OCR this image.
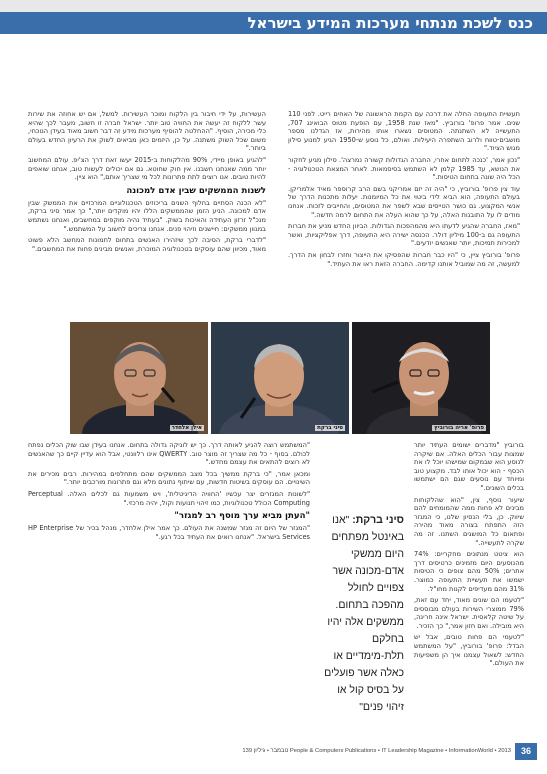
כנס לשכת מנתחי מערכות המידע בישראל

תעשיית התעופה החלה את דרכה עם הקמת הראשונה של האחים רייט. לפני 110 שנים. אמר פרופ' בורוביץ. "מאז שנת 1958, עם הופעת מטוס הבואינג 707, התעשייה לא השתנתה. המטוסים נשארו אותו מהירות, אז הגדלנו מספר מושבים-טווח ולרוב השתפרה היעילות. ואולם, כל נוסע ש-1950 הגיע למנוע סילון מגוש הציוד."

"נכון אמר, 'כנכה לתחום אחרי, החברה הגדולות קשורה נמרצה'. סילון מגיע לחקור את הנושא, עד 1985 קלמן לא השתמש בסיסמאות. לאחר המצאת הטכנולוגיה - הכל היה שונה בתחום הטיסות."

עוד צין פרופ' בורוביץ, כי "היה זה יזם אמריקני בשם הרב קרוספר מאיד אלמריקן. בעולם התעופה, הוא הביא לידי ביטוי את כל המיומנות. יעלות מתכנות הדרך של אנשי המקצוע. גם כושר הטייסים שבא לשפר את המטוסים, והחייבים לזכות. אנחנו מודים לו על התובנות האלה, על כך שהוא העלה את התחום לרמה חדשה."

"מאז, החברה שהגיע לדעתו היא מהמהפכות הגדולות. הביוון החדש מניע את חברות התעופה גם ב-100 מיליון דולר. הכנסה ישירה היא התעופה, דרך אפליקציות, ואשר למכירות תמיכות, יותר שאנשים יודעים."

פרופ' בורוביץ ציין, כי "היו כבר חברות שהפסיקו את הייצור וחזרו לבחון את הדרך. למעשה, זה מה שמוביל אותנו קדימה. החברה הזאת ראו את העתיד."

העשירות, על ידי חיבור בין הלקוח ומוכר העשירות. למשל, אם יש אחוזה את שירות עשר ללקוח זה יעשה את החוויה טוב יותר. ישראל חברה זו חשוב, מעבר לכך שהיא כלי מכירה, הוסיף. "ההחלטה להוסיף מערכות מידע זה דבר חשוב מאוד בעידן הנוכחי, משום שכל השוק משתנה. על כן, היזמים כאן מביאים לשוק את הרעיון החדש בעולם ביותר."

"להגיע באופן מיידי, 90% מהלקוחות ב-2015 יעשו זאת דרך הצ'יפ. עולם המחשוב יותר ממה שאנחנו חשבנו. אין חוק שחוטא. גם אם יכולים לעשות טוב, אנחנו שואפים להיות טובים. אנו רוצים לתת פתרונות לכל מי שצריך אותם," הוא ציין.

לשנות הממשקים שבין אדם למכונה

"לא הכנה הסתיים בחלוף השנים בריכוזים הטכנולוגיים המרכזיים את הממשק שבין אדם למכונה. הניע הזמן שהממשקים הללו יהיו מוקדים יותר," כך אמר סיני ברקת, מנכ"ל זרזון העתידה והאיכות בשוק. "בעתיד נהיה מוקפים במחשבים, ואנחנו נשתמש במגוון ממשקים: חיישנים וזיהוי פנים. אנחנו צריכים לחשוב על המשתמש."

"לדברי ברקת, הסיבה לכך שיזהירו האנשים בתחום לתמונות המחשב הלא פשוט מאוד, מכיוון שהם עוסקים בטכנולוגיה המוכרת, ואנשים מבינים פחות את המחשבים."

אילן אלחדר	סיני ברקת	פרופ' אריה בורוביץ

בורוביץ "מדברים ישומים העתיד יותר שמצות עבור הכלים האלה. אם שיקרה לנוסע הוא שבמקום שמישהו יוכל לו את הכסף - הוא יכול אותו לבד. מקצוע טוב ומיוחד עם נוסעים שגם הם ישתמשו בכלים השונים."

שיעור נוסף, צין, "הוא שהלקוחות מבינים לא פחות ממה שהמומחים להם שיווק. כן, בלי הנסיון שלנו, כי המגזר הזה התפתח בצורה מאוד מהירה ופתאום כל המושגים השתנו. זה מה שקרה לתעשייה."

הוא ציטט מנתונים מחקריים: 74% מהנוסעים היום מזמינים כרטיסים דרך אתרים; 50% מהם צופים כי הטיסות ישמשו את תעשיית התעופה כמוצר. 31% מהם מעדיפים לקנות מחו"ל.

"לטעמו הם שונים מאוד, יחד עם זאת, 79% ממוצרי השירות בעולם מבוססים על שיטה קלאסית. ישראל אינה חריגה, היא מובילה. ואם חזון אמר," כך הזכיר.

"לטעמי הם פחות טובים, אבל יש הבדל: פרופ' בורוביץ, "על המשתמש החדש: לשאול עצמנו איך הן משפיעות את העולם."

סיני ברקת: "אנו באינטל מפתחים היום ממשקי אדם-מכונה אשר צפויים לחולל מהפכה בתחום. ממשקים אלה יהיו בחלקם תלת-מימדיים או כאלה אשר פועלים על בסיס קול או זיהוי פנים"

"המשתמש רוצה להגיע לאותה דרך. כך יש לוגיקה גדולה בתחום. אנחנו בעידן שבו שוק הכלים נפתח לכולם. בסוף - כל מה שצריך זה מוצר טוב. QWERTY אינו רלוונטי, אבל הוא עדיין קיים כך שהאנשים לא רוצים להתאים את עצמם מחדש."

ומכאן אמר, "כי ברקת ממשיך בכל מצב הממשקים שהם מתחלפים במהירות. רבים מכירים את השינויים. הם עוסקים בשיטות חדשות, עם שיתוף נתונים מלא וגם פתרונות מורכבים יותר."

"לשונות המגזרים יצר עכשיו 'החוויה הדיגיטלית', ויש משמעות גם לכלים האלה. Perceptual Computing הכולל טכנולוגיות, כמו זיהוי תנועות וקול, יהיה מרכזי."

"העתן מביא ערך מוסף רב למגזר"

"המגזר של היום זה מגזר שמשנה את העולם. כך אמר אילן אלחדר, מנהל בכיר של HP Enterprise Services בישראל. "אנחנו רואים את העתיד בכל רגע."

36
People & Computers Publications • IT Leadership Magazine • InformationWorld • 2013 נובמבר • גיליון 139
